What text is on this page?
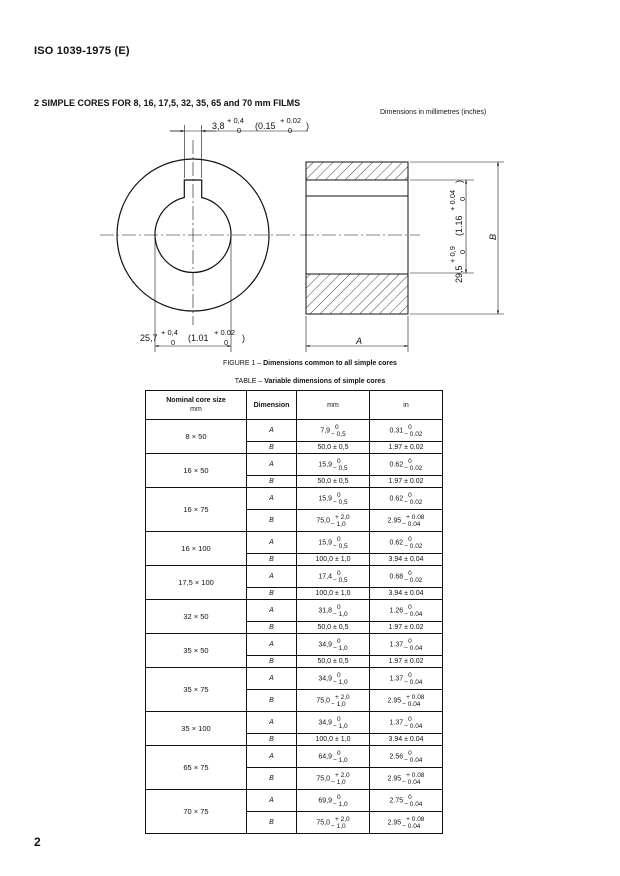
ISO 1039-1975 (E)
2 SIMPLE CORES FOR 8, 16, 17,5, 32, 35, 65 and 70 mm FILMS
Dimensions in millimetres (inches)
3,8
+ 0,4
0 (0.15
+ 0.02
0 )
25,7
+ 0,4
0 (1.01
+ 0.02
0 )	A
29,5
+ 0,9 0
(1.16
+ 0.04 0
)
B
FIGURE 1 – Dimensions common to all simple cores
TABLE – Variable dimensions of simple cores
Nominal core size
mm	Dimension	mm	in
8 × 50	A	7,9 0
− 0,5	0.31 0
− 0.02

	B	50,0 ± 0,5	1.97 ± 0.02
16 × 50	A	15,9 0
− 0,5	0.62 0
− 0.02

	B	50,0 ± 0,5	1.97 ± 0.02
16 × 75	A	15,9 0
− 0,5	0.62 0
− 0.02

	B	75,0 + 2,0
− 1,0	2.95 + 0.08
− 0.04

16 × 100	A	15,9 0
− 0,5	0.62 0
− 0.02

	B	100,0 ± 1,0	3.94 ± 0.04
17,5 × 100	A	17,4 0
− 0,5	0.68 0
− 0.02

	B	100,0 ± 1,0	3.94 ± 0.04
32 × 50	A	31,8 0
− 1,0	1.26 0
− 0.04

	B	50,0 ± 0,5	1.97 ± 0.02
35 × 50	A	34,9 0
− 1,0	1.37 0
− 0.04

	B	50,0 ± 0,5	1.97 ± 0.02
35 × 75	A	34,9 0
− 1,0	1.37 0
− 0.04

	B	75,0 + 2,0
− 1,0	2.95 + 0.08
− 0.04

35 × 100	A	34,9 0
− 1,0	1.37 0
− 0.04

	B	100,0 ± 1,0	3.94 ± 0.04
65 × 75	A	64,9 0
− 1,0	2.56 0
− 0.04

	B	75,0 + 2,0
− 1,0	2.95 + 0.08
− 0.04

70 × 75	A	69,9 0
− 1,0	2.75 0
− 0.04

	B	75,0 + 2,0
− 1,0	2.95 + 0.08
− 0.04
2
